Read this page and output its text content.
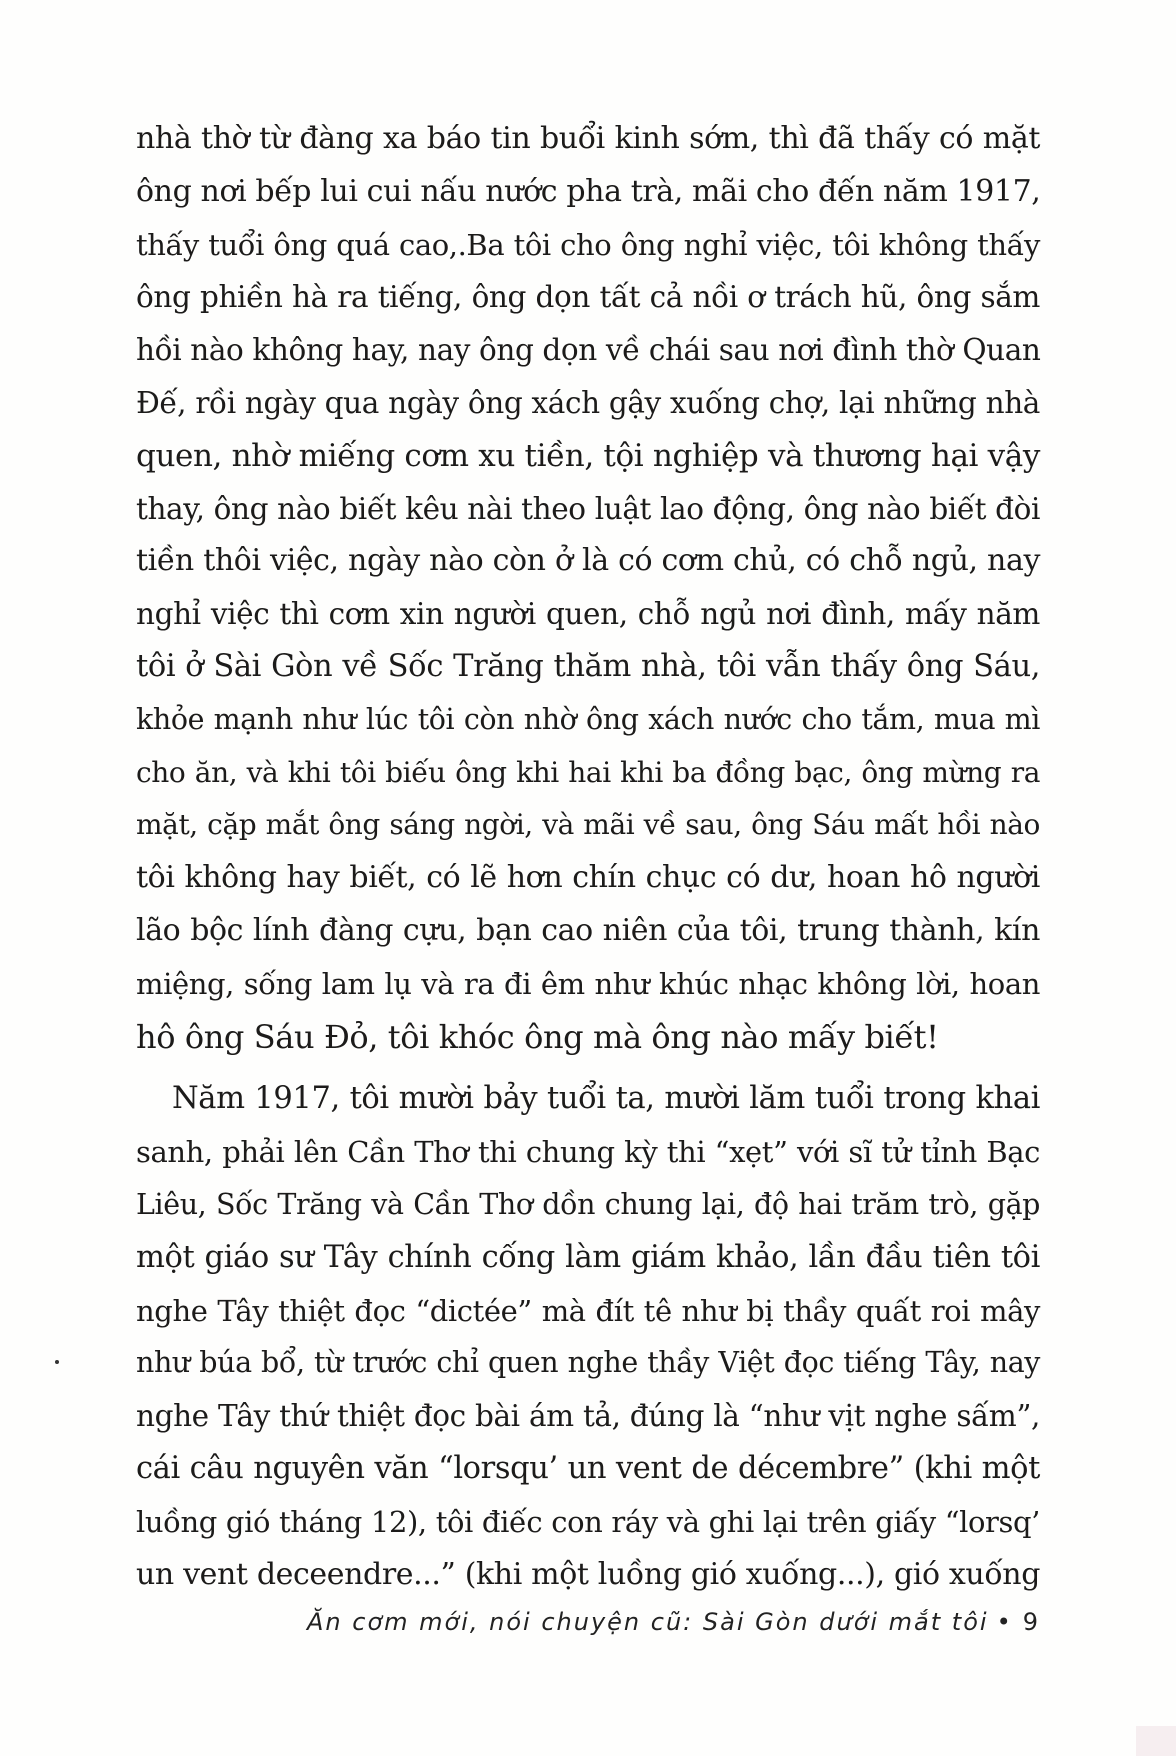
nhà thờ từ đàng xa báo tin buổi kinh sớm, thì đã thấy có mặt
ông nơi bếp lui cui nấu nước pha trà, mãi cho đến năm 1917,
thấy tuổi ông quá cao,.Ba tôi cho ông nghỉ việc, tôi không thấy
ông phiền hà ra tiếng, ông dọn tất cả nồi ơ trách hũ, ông sắm
hồi nào không hay, nay ông dọn về chái sau nơi đình thờ Quan
Đế, rồi ngày qua ngày ông xách gậy xuống chợ, lại những nhà
quen, nhờ miếng cơm xu tiền, tội nghiệp và thương hại vậy
thay, ông nào biết kêu nài theo luật lao động, ông nào biết đòi
tiền thôi việc, ngày nào còn ở là có cơm chủ, có chỗ ngủ, nay
nghỉ việc thì cơm xin người quen, chỗ ngủ nơi đình, mấy năm
tôi ở Sài Gòn về Sốc Trăng thăm nhà, tôi vẫn thấy ông Sáu,
khỏe mạnh như lúc tôi còn nhờ ông xách nước cho tắm, mua mì
cho ăn, và khi tôi biếu ông khi hai khi ba đồng bạc, ông mừng ra
mặt, cặp mắt ông sáng ngời, và mãi về sau, ông Sáu mất hồi nào
tôi không hay biết, có lẽ hơn chín chục có dư, hoan hô người
lão bộc lính đàng cựu, bạn cao niên của tôi, trung thành, kín
miệng, sống lam lụ và ra đi êm như khúc nhạc không lời, hoan
hô ông Sáu Đỏ, tôi khóc ông mà ông nào mấy biết!
Năm 1917, tôi mười bảy tuổi ta, mười lăm tuổi trong khai
sanh, phải lên Cần Thơ thi chung kỳ thi “xẹt” với sĩ tử tỉnh Bạc
Liêu, Sốc Trăng và Cần Thơ dồn chung lại, độ hai trăm trò, gặp
một giáo sư Tây chính cống làm giám khảo, lần đầu tiên tôi
nghe Tây thiệt đọc “dictée” mà đít tê như bị thầy quất roi mây
như búa bổ, từ trước chỉ quen nghe thầy Việt đọc tiếng Tây, nay
nghe Tây thứ thiệt đọc bài ám tả, đúng là “như vịt nghe sấm”,
cái câu nguyên văn “lorsqu’ un vent de décembre” (khi một
luồng gió tháng 12), tôi điếc con ráy và ghi lại trên giấy “lorsq’
un vent deceendre...” (khi một luồng gió xuống...), gió xuống
Ăn cơm mới, nói chuyện cũ: Sài Gòn dưới mắt tôi • 9
